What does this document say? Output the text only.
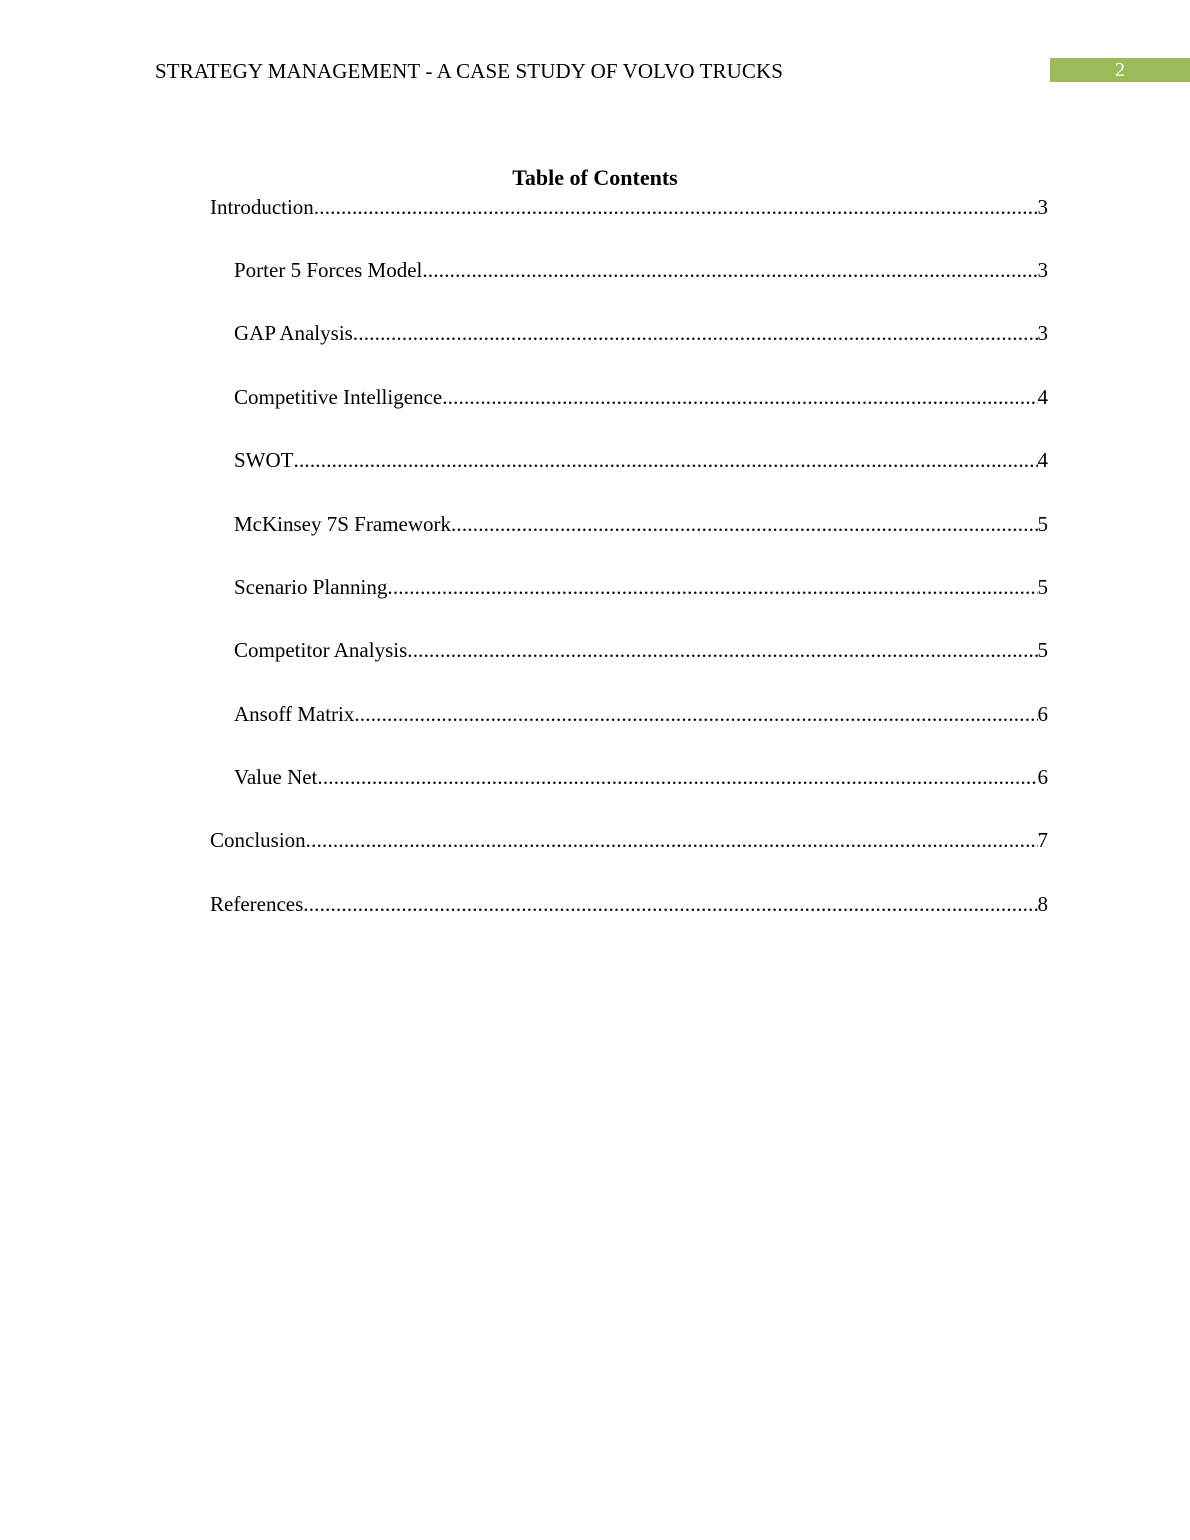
STRATEGY MANAGEMENT - A CASE STUDY OF VOLVO TRUCKS	2
Table of Contents
Introduction .....	3
Porter 5 Forces Model .....	3
GAP Analysis .....	3
Competitive Intelligence .....	4
SWOT .....	4
McKinsey 7S Framework .....	5
Scenario Planning .....	5
Competitor Analysis .....	5
Ansoff Matrix .....	6
Value Net .....	6
Conclusion .....	7
References .....	8
